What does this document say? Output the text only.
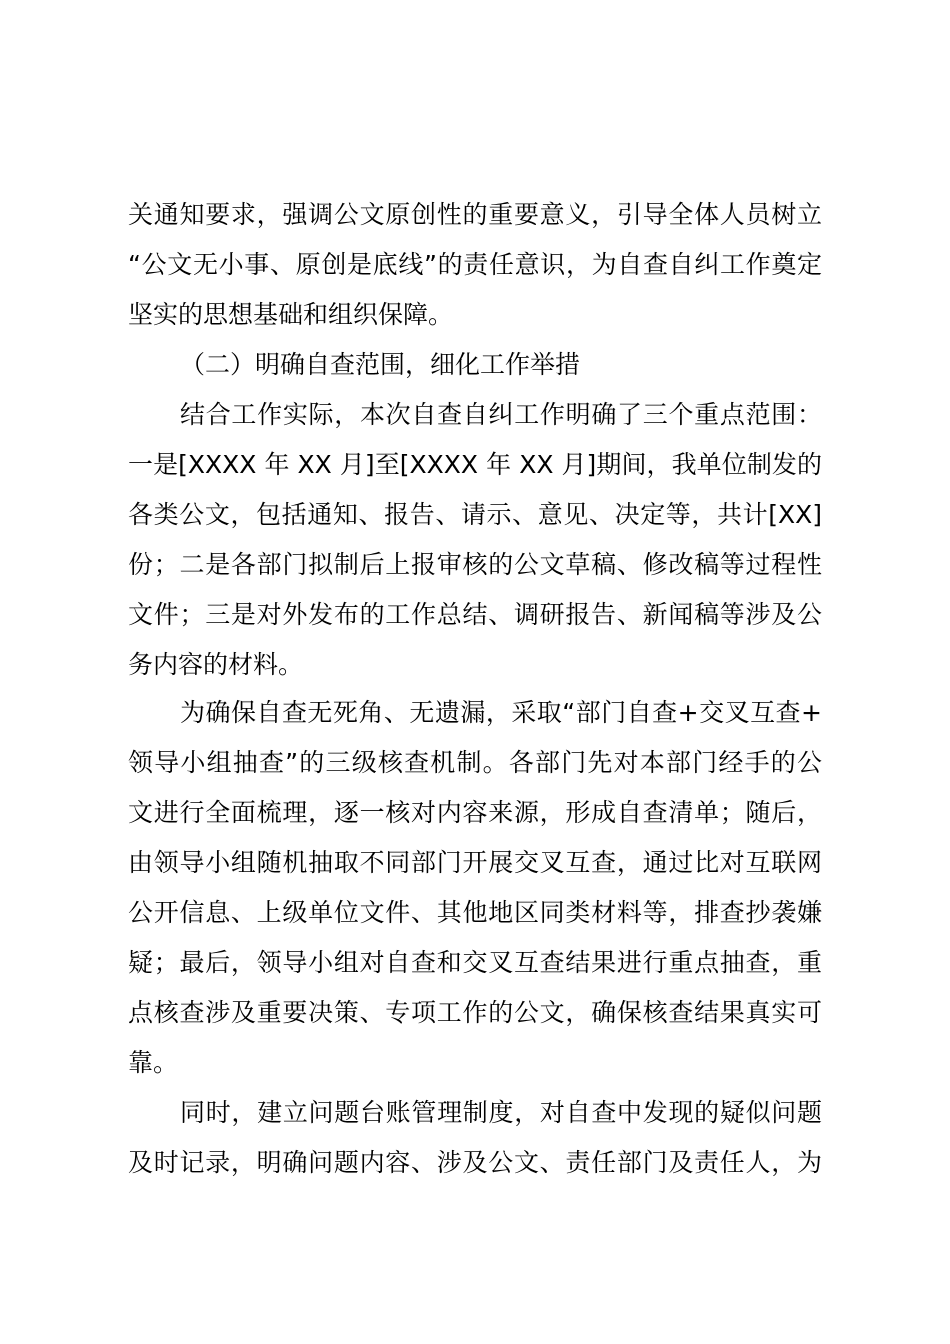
关通知要求，强调公文原创性的重要意义，引导全体人员树立
“公文无小事、原创是底线”的责任意识，为自查自纠工作奠定
坚实的思想基础和组织保障。
（二）明确自查范围，细化工作举措
结合工作实际，本次自查自纠工作明确了三个重点范围：
一是[XXXX 年 XX 月]至[XXXX 年 XX 月]期间，我单位制发的
各类公文，包括通知、报告、请示、意见、决定等，共计[XX]
份；二是各部门拟制后上报审核的公文草稿、修改稿等过程性
文件；三是对外发布的工作总结、调研报告、新闻稿等涉及公
务内容的材料。
为确保自查无死角、无遗漏，采取“部门自查+交叉互查+
领导小组抽查”的三级核查机制。各部门先对本部门经手的公
文进行全面梳理，逐一核对内容来源，形成自查清单；随后，
由领导小组随机抽取不同部门开展交叉互查，通过比对互联网
公开信息、上级单位文件、其他地区同类材料等，排查抄袭嫌
疑；最后，领导小组对自查和交叉互查结果进行重点抽查，重
点核查涉及重要决策、专项工作的公文，确保核查结果真实可
靠。
同时，建立问题台账管理制度，对自查中发现的疑似问题
及时记录，明确问题内容、涉及公文、责任部门及责任人，为
